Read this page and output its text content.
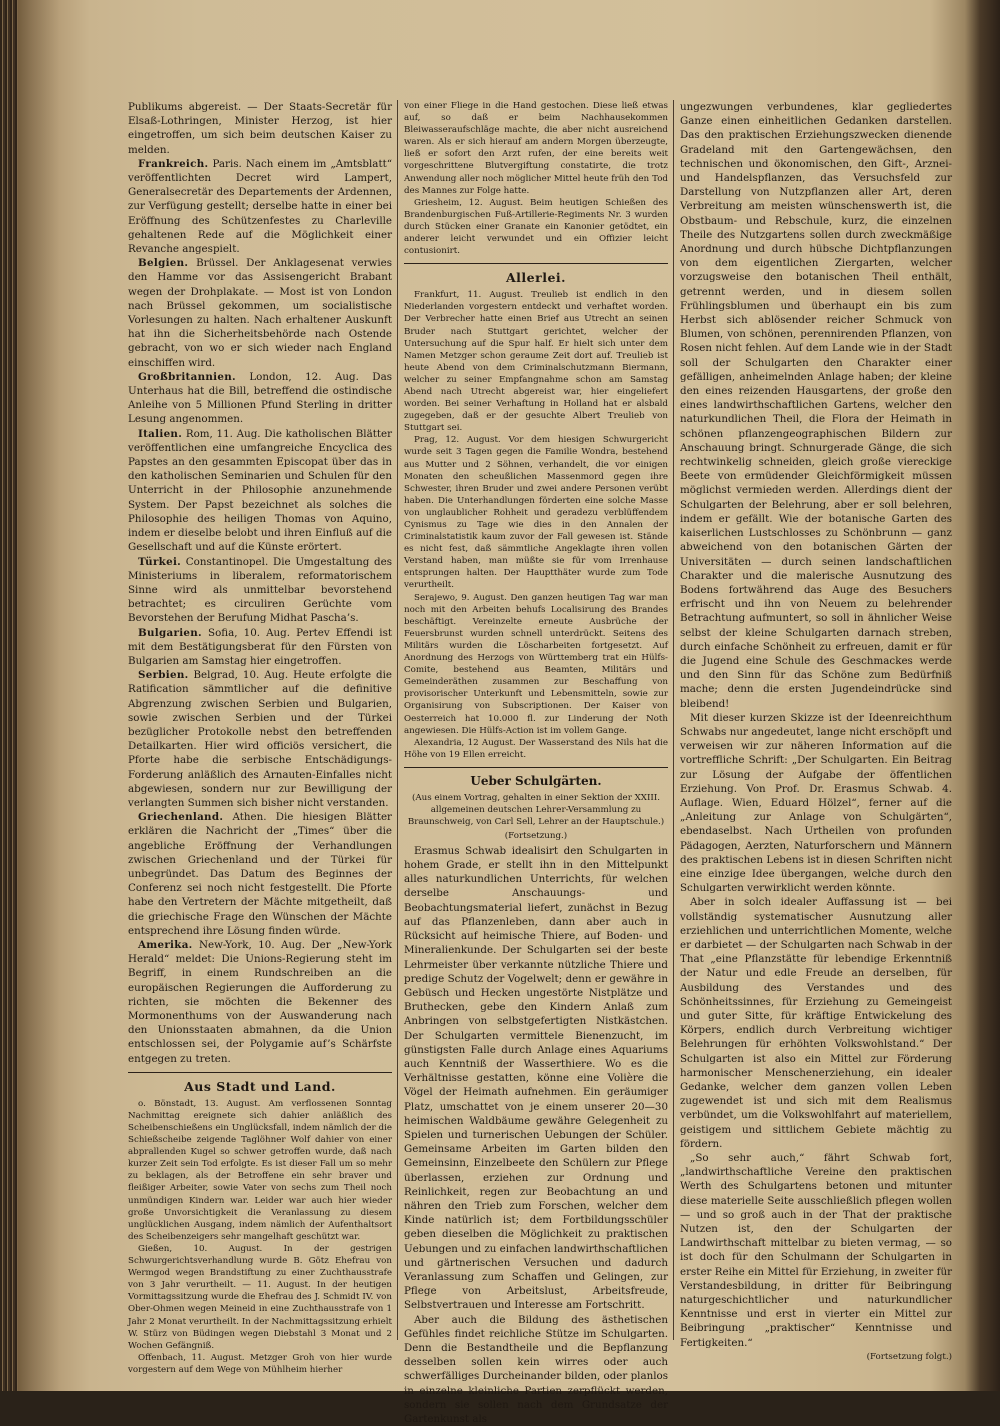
Publikums abgereist. — Der Staats-Secretär für Elsaß-Lothringen, Minister Herzog, ist hier eingetroffen, um sich beim deutschen Kaiser zu melden.

Frankreich. Paris. Nach einem im „Amtsblatt“ veröffentlichten Decret wird Lampert, Generalsecretär des Departements der Ardennen, zur Verfügung gestellt; derselbe hatte in einer bei Eröffnung des Schützenfestes zu Charleville gehaltenen Rede auf die Möglichkeit einer Revanche angespielt.

Belgien. Brüssel. Der Anklagesenat verwies den Hamme vor das Assisengericht Brabant wegen der Drohplakate. — Most ist von London nach Brüssel gekommen, um socialistische Vorlesungen zu halten. Nach erhaltener Auskunft hat ihn die Sicherheitsbehörde nach Ostende gebracht, von wo er sich wieder nach England einschiffen wird.

Großbritannien. London, 12. Aug. Das Unterhaus hat die Bill, betreffend die ostindische Anleihe von 5 Millionen Pfund Sterling in dritter Lesung angenommen.

Italien. Rom, 11. Aug. Die katholischen Blätter veröffentlichen eine umfangreiche Encyclica des Papstes an den gesammten Episcopat über das in den katholischen Seminarien und Schulen für den Unterricht in der Philosophie anzunehmende System. Der Papst bezeichnet als solches die Philosophie des heiligen Thomas von Aquino, indem er dieselbe belobt und ihren Einfluß auf die Gesellschaft und auf die Künste erörtert.

Türkei. Constantinopel. Die Umgestaltung des Ministeriums in liberalem, reformatorischem Sinne wird als unmittelbar bevorstehend betrachtet; es circuliren Gerüchte vom Bevorstehen der Berufung Midhat Pascha’s.

Bulgarien. Sofia, 10. Aug. Pertev Effendi ist mit dem Bestätigungsberat für den Fürsten von Bulgarien am Samstag hier eingetroffen.

Serbien. Belgrad, 10. Aug. Heute erfolgte die Ratification sämmtlicher auf die definitive Abgrenzung zwischen Serbien und Bulgarien, sowie zwischen Serbien und der Türkei bezüglicher Protokolle nebst den betreffenden Detailkarten. Hier wird officiös versichert, die Pforte habe die serbische Entschädigungs-Forderung anläßlich des Arnauten-Einfalles nicht abgewiesen, sondern nur zur Bewilligung der verlangten Summen sich bisher nicht verstanden.

Griechenland. Athen. Die hiesigen Blätter erklären die Nachricht der „Times“ über die angebliche Eröffnung der Verhandlungen zwischen Griechenland und der Türkei für unbegründet. Das Datum des Beginnes der Conferenz sei noch nicht festgestellt. Die Pforte habe den Vertretern der Mächte mitgetheilt, daß die griechische Frage den Wünschen der Mächte entsprechend ihre Lösung finden würde.

Amerika. New-York, 10. Aug. Der „New-York Herald“ meldet: Die Unions-Regierung steht im Begriff, in einem Rundschreiben an die europäischen Regierungen die Aufforderung zu richten, sie möchten die Bekenner des Mormonenthums von der Auswanderung nach den Unionsstaaten abmahnen, da die Union entschlossen sei, der Polygamie auf’s Schärfste entgegen zu treten.

Aus Stadt und Land.

o. Bönstadt, 13. August. Am verflossenen Sonntag Nachmittag ereignete sich dahier anläßlich des Scheibenschießens ein Unglücksfall, indem nämlich der die Schießscheibe zeigende Taglöhner Wolf dahier von einer abprallenden Kugel so schwer getroffen wurde, daß nach kurzer Zeit sein Tod erfolgte. Es ist dieser Fall um so mehr zu beklagen, als der Betroffene ein sehr braver und fleißiger Arbeiter, sowie Vater von sechs zum Theil noch unmündigen Kindern war. Leider war auch hier wieder große Unvorsichtigkeit die Veranlassung zu diesem unglücklichen Ausgang, indem nämlich der Aufenthaltsort des Scheibenzeigers sehr mangelhaft geschützt war.

Gießen, 10. August. In der gestrigen Schwurgerichtsverhandlung wurde B. Götz Ehefrau von Wermgod wegen Brandstiftung zu einer Zuchthausstrafe von 3 Jahr verurtheilt. — 11. August. In der heutigen Vormittagssitzung wurde die Ehefrau des J. Schmidt IV. von Ober-Ohmen wegen Meineid in eine Zuchthausstrafe von 1 Jahr 2 Monat verurtheilt. In der Nachmittagssitzung erhielt W. Stürz von Büdingen wegen Diebstahl 3 Monat und 2 Wochen Gefängniß.

Offenbach, 11. August. Metzger Groh von hier wurde vorgestern auf dem Wege von Mühlheim hierher

von einer Fliege in die Hand gestochen. Diese ließ etwas auf, so daß er beim Nachhausekommen Bleiwasseraufschläge machte, die aber nicht ausreichend waren. Als er sich hierauf am andern Morgen überzeugte, ließ er sofort den Arzt rufen, der eine bereits weit vorgeschrittene Blutvergiftung constatirte, die trotz Anwendung aller noch möglicher Mittel heute früh den Tod des Mannes zur Folge hatte.

Griesheim, 12. August. Beim heutigen Schießen des Brandenburgischen Fuß-Artillerie-Regiments Nr. 3 wurden durch Stücken einer Granate ein Kanonier getödtet, ein anderer leicht verwundet und ein Offizier leicht contusionirt.

Allerlei.

Frankfurt, 11. August. Treulieb ist endlich in den Niederlanden vorgestern entdeckt und verhaftet worden. Der Verbrecher hatte einen Brief aus Utrecht an seinen Bruder nach Stuttgart gerichtet, welcher der Untersuchung auf die Spur half. Er hielt sich unter dem Namen Metzger schon geraume Zeit dort auf. Treulieb ist heute Abend von dem Criminalschutzmann Biermann, welcher zu seiner Empfangnahme schon am Samstag Abend nach Utrecht abgereist war, hier eingeliefert worden. Bei seiner Verhaftung in Holland hat er alsbald zugegeben, daß er der gesuchte Albert Treulieb von Stuttgart sei.

Prag, 12. August. Vor dem hiesigen Schwurgericht wurde seit 3 Tagen gegen die Familie Wondra, bestehend aus Mutter und 2 Söhnen, verhandelt, die vor einigen Monaten den scheußlichen Massenmord gegen ihre Schwester, ihren Bruder und zwei andere Personen verübt haben. Die Unterhandlungen förderten eine solche Masse von unglaublicher Rohheit und geradezu verblüffendem Cynismus zu Tage wie dies in den Annalen der Criminalstatistik kaum zuvor der Fall gewesen ist. Stände es nicht fest, daß sämmtliche Angeklagte ihren vollen Verstand haben, man müßte sie für vom Irrenhause entsprungen halten. Der Hauptthäter wurde zum Tode verurtheilt.

Serajewo, 9. August. Den ganzen heutigen Tag war man noch mit den Arbeiten behufs Localisirung des Brandes beschäftigt. Vereinzelte erneute Ausbrüche der Feuersbrunst wurden schnell unterdrückt. Seitens des Militärs wurden die Löscharbeiten fortgesetzt. Auf Anordnung des Herzogs von Württemberg trat ein Hülfs-Comite, bestehend aus Beamten, Militärs und Gemeinderäthen zusammen zur Beschaffung von provisorischer Unterkunft und Lebensmitteln, sowie zur Organisirung von Subscriptionen. Der Kaiser von Oesterreich hat 10.000 fl. zur Linderung der Noth angewiesen. Die Hülfs-Action ist im vollem Gange.

Alexandria, 12 August. Der Wasserstand des Nils hat die Höhe von 19 Ellen erreicht.

Ueber Schulgärten.
(Aus einem Vortrag, gehalten in einer Sektion der XXIII. allgemeinen deutschen Lehrer-Versammlung zu Braunschweig, von Carl Sell, Lehrer an der Hauptschule.)
(Fortsetzung.)

Erasmus Schwab idealisirt den Schulgarten in hohem Grade, er stellt ihn in den Mittelpunkt alles naturkundlichen Unterrichts, für welchen derselbe Anschauungs- und Beobachtungsmaterial liefert, zunächst in Bezug auf das Pflanzenleben, dann aber auch in Rücksicht auf heimische Thiere, auf Boden- und Mineralienkunde. Der Schulgarten sei der beste Lehrmeister über verkannte nützliche Thiere und predige Schutz der Vogelwelt; denn er gewähre in Gebüsch und Hecken ungestörte Nistplätze und Bruthecken, gebe den Kindern Anlaß zum Anbringen von selbstgefertigten Nistkästchen. Der Schulgarten vermittele Bienenzucht, im günstigsten Falle durch Anlage eines Aquariums auch Kenntniß der Wasserthiere. Wo es die Verhältnisse gestatten, könne eine Volière die Vögel der Heimath aufnehmen. Ein geräumiger Platz, umschattet von je einem unserer 20—30 heimischen Waldbäume gewähre Gelegenheit zu Spielen und turnerischen Uebungen der Schüler. Gemeinsame Arbeiten im Garten bilden den Gemeinsinn, Einzelbeete den Schülern zur Pflege überlassen, erziehen zur Ordnung und Reinlichkeit, regen zur Beobachtung an und nähren den Trieb zum Forschen, welcher dem Kinde natürlich ist; dem Fortbildungsschüler geben dieselben die Möglichkeit zu praktischen Uebungen und zu einfachen landwirthschaftlichen und gärtnerischen Versuchen und dadurch Veranlassung zum Schaffen und Gelingen, zur Pflege von Arbeitslust, Arbeitsfreude, Selbstvertrauen und Interesse am Fortschritt.

Aber auch die Bildung des ästhetischen Gefühles findet reichliche Stütze im Schulgarten. Denn die Bestandtheile und die Bepflanzung desselben sollen kein wirres oder auch schwerfälliges Durcheinander bilden, oder planlos in einzelne kleinliche Partien zerpflückt werden, sondern sie sollen nach dem Grundsatze der Gartenkunst als

ungezwungen verbundenes, klar gegliedertes Ganze einen einheitlichen Gedanken darstellen. Das den praktischen Erziehungszwecken dienende Gradeland mit den Gartengewächsen, den technischen und ökonomischen, den Gift-, Arznei- und Handelspflanzen, das Versuchsfeld zur Darstellung von Nutzpflanzen aller Art, deren Verbreitung am meisten wünschenswerth ist, die Obstbaum- und Rebschule, kurz, die einzelnen Theile des Nutzgartens sollen durch zweckmäßige Anordnung und durch hübsche Dichtpflanzungen von dem eigentlichen Ziergarten, welcher vorzugsweise den botanischen Theil enthält, getrennt werden, und in diesem sollen Frühlingsblumen und überhaupt ein bis zum Herbst sich ablösender reicher Schmuck von Blumen, von schönen, perennirenden Pflanzen, von Rosen nicht fehlen. Auf dem Lande wie in der Stadt soll der Schulgarten den Charakter einer gefälligen, anheimelnden Anlage haben; der kleine den eines reizenden Hausgartens, der große den eines landwirthschaftlichen Gartens, welcher den naturkundlichen Theil, die Flora der Heimath in schönen pflanzengeographischen Bildern zur Anschauung bringt. Schnurgerade Gänge, die sich rechtwinkelig schneiden, gleich große viereckige Beete von ermüdender Gleichförmigkeit müssen möglichst vermieden werden. Allerdings dient der Schulgarten der Belehrung, aber er soll belehren, indem er gefällt. Wie der botanische Garten des kaiserlichen Lustschlosses zu Schönbrunn — ganz abweichend von den botanischen Gärten der Universitäten — durch seinen landschaftlichen Charakter und die malerische Ausnutzung des Bodens fortwährend das Auge des Besuchers erfrischt und ihn von Neuem zu belehrender Betrachtung aufmuntert, so soll in ähnlicher Weise selbst der kleine Schulgarten darnach streben, durch einfache Schönheit zu erfreuen, damit er für die Jugend eine Schule des Geschmackes werde und den Sinn für das Schöne zum Bedürfniß mache; denn die ersten Jugendeindrücke sind bleibend!

Mit dieser kurzen Skizze ist der Ideenreichthum Schwabs nur angedeutet, lange nicht erschöpft und verweisen wir zur näheren Information auf die vortreffliche Schrift: „Der Schulgarten. Ein Beitrag zur Lösung der Aufgabe der öffentlichen Erziehung. Von Prof. Dr. Erasmus Schwab. 4. Auflage. Wien, Eduard Hölzel“, ferner auf die „Anleitung zur Anlage von Schulgärten“, ebendaselbst. Nach Urtheilen von profunden Pädagogen, Aerzten, Naturforschern und Männern des praktischen Lebens ist in diesen Schriften nicht eine einzige Idee übergangen, welche durch den Schulgarten verwirklicht werden könnte.

Aber in solch idealer Auffassung ist — bei vollständig systematischer Ausnutzung aller erziehlichen und unterrichtlichen Momente, welche er darbietet — der Schulgarten nach Schwab in der That „eine Pflanzstätte für lebendige Erkenntniß der Natur und edle Freude an derselben, für Ausbildung des Verstandes und des Schönheitssinnes, für Erziehung zu Gemeingeist und guter Sitte, für kräftige Entwickelung des Körpers, endlich durch Verbreitung wichtiger Belehrungen für erhöhten Volkswohlstand.“ Der Schulgarten ist also ein Mittel zur Förderung harmonischer Menschenerziehung, ein idealer Gedanke, welcher dem ganzen vollen Leben zugewendet ist und sich mit dem Realismus verbündet, um die Volkswohlfahrt auf materiellem, geistigem und sittlichem Gebiete mächtig zu fördern.

„So sehr auch,“ fährt Schwab fort, „landwirthschaftliche Vereine den praktischen Werth des Schulgartens betonen und mitunter diese materielle Seite ausschließlich pflegen wollen — und so groß auch in der That der praktische Nutzen ist, den der Schulgarten der Landwirthschaft mittelbar zu bieten vermag, — so ist doch für den Schulmann der Schulgarten in erster Reihe ein Mittel für Erziehung, in zweiter für Verstandesbildung, in dritter für Beibringung naturgeschichtlicher und naturkundlicher Kenntnisse und erst in vierter ein Mittel zur Beibringung „praktischer“ Kenntnisse und Fertigkeiten.“

(Fortsetzung folgt.)
